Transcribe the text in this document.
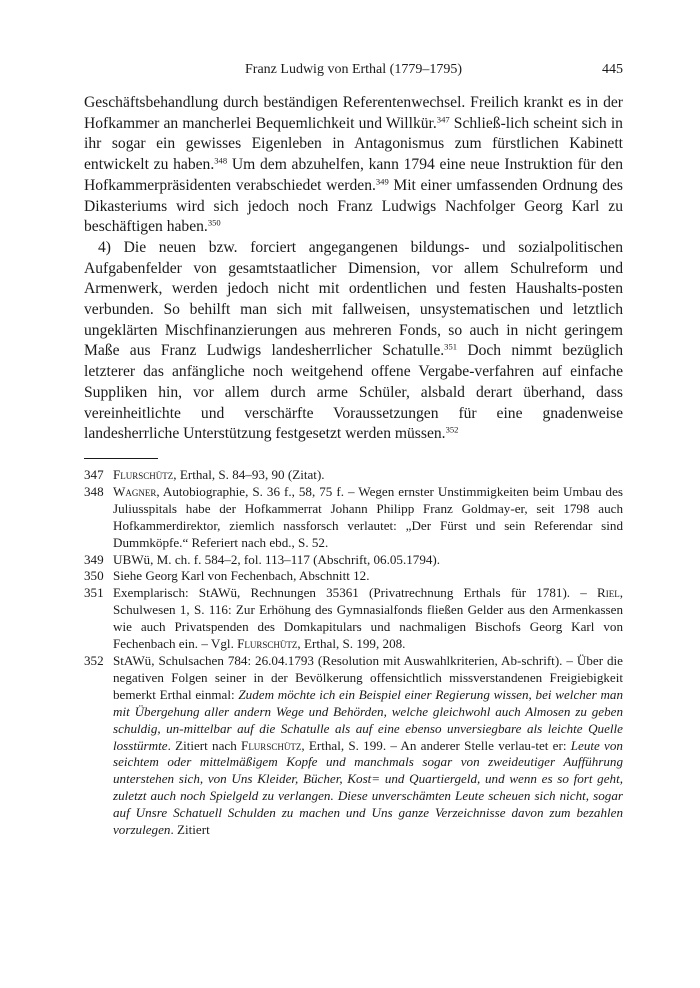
Franz Ludwig von Erthal (1779–1795)	445

Geschäftsbehandlung durch beständigen Referentenwechsel. Freilich krankt es in der Hofkammer an mancherlei Bequemlichkeit und Willkür.$^{347}$ Schließ-lich scheint sich in ihr sogar ein gewisses Eigenleben in Antagonismus zum fürstlichen Kabinett entwickelt zu haben.$^{348}$ Um dem abzuhelfen, kann 1794 eine neue Instruktion für den Hofkammerpräsidenten verabschiedet werden.$^{349}$ Mit einer umfassenden Ordnung des Dikasteriums wird sich jedoch noch Franz Ludwigs Nachfolger Georg Karl zu beschäftigen haben.$^{350}$

4) Die neuen bzw. forciert angegangenen bildungs- und sozialpolitischen Aufgabenfelder von gesamtstaatlicher Dimension, vor allem Schulreform und Armenwerk, werden jedoch nicht mit ordentlichen und festen Haushalts-posten verbunden. So behilft man sich mit fallweisen, unsystematischen und letztlich ungeklärten Mischfinanzierungen aus mehreren Fonds, so auch in nicht geringem Maße aus Franz Ludwigs landesherrlicher Schatulle.$^{351}$ Doch nimmt bezüglich letzterer das anfängliche noch weitgehend offene Vergabe-verfahren auf einfache Suppliken hin, vor allem durch arme Schüler, alsbald derart überhand, dass vereinheitlichte und verschärfte Voraussetzungen für eine gnadenweise landesherrliche Unterstützung festgesetzt werden müssen.$^{352}$

347 Flurschütz, Erthal, S. 84–93, 90 (Zitat).
348 Wagner, Autobiographie, S. 36 f., 58, 75 f. – Wegen ernster Unstimmigkeiten beim Umbau des Juliusspitals habe der Hofkammerrat Johann Philipp Franz Goldmay-er, seit 1798 auch Hofkammerdirektor, ziemlich nassforsch verlautet: „Der Fürst und sein Referendar sind Dummköpfe.“ Referiert nach ebd., S. 52.
349 UBWü, M. ch. f. 584–2, fol. 113–117 (Abschrift, 06.05.1794).
350 Siehe Georg Karl von Fechenbach, Abschnitt 12.
351 Exemplarisch: StAWü, Rechnungen 35361 (Privatrechnung Erthals für 1781). – Riel, Schulwesen 1, S. 116: Zur Erhöhung des Gymnasialfonds fließen Gelder aus den Armenkassen wie auch Privatspenden des Domkapitulars und nachmaligen Bischofs Georg Karl von Fechenbach ein. – Vgl. Flurschütz, Erthal, S. 199, 208.
352 StAWü, Schulsachen 784: 26.04.1793 (Resolution mit Auswahlkriterien, Ab-schrift). – Über die negativen Folgen seiner in der Bevölkerung offensichtlich missverstandenen Freigiebigkeit bemerkt Erthal einmal: Zudem möchte ich ein Beispiel einer Regierung wissen, bei welcher man mit Übergehung aller andern Wege und Behörden, welche gleichwohl auch Almosen zu geben schuldig, un-mittelbar auf die Schatulle als auf eine ebenso unversiegbare als leichte Quelle losstürmte. Zitiert nach Flurschütz, Erthal, S. 199. – An anderer Stelle verlau-tet er: Leute von seichtem oder mittelmäßigem Kopfe und manchmals sogar von zweideutiger Aufführung unterstehen sich, von Uns Kleider, Bücher, Kost= und Quartiergeld, und wenn es so fort geht, zuletzt auch noch Spielgeld zu verlangen. Diese unverschämten Leute scheuen sich nicht, sogar auf Unsre Schatuell Schulden zu machen und Uns ganze Verzeichnisse davon zum bezahlen vorzulegen. Zitiert
